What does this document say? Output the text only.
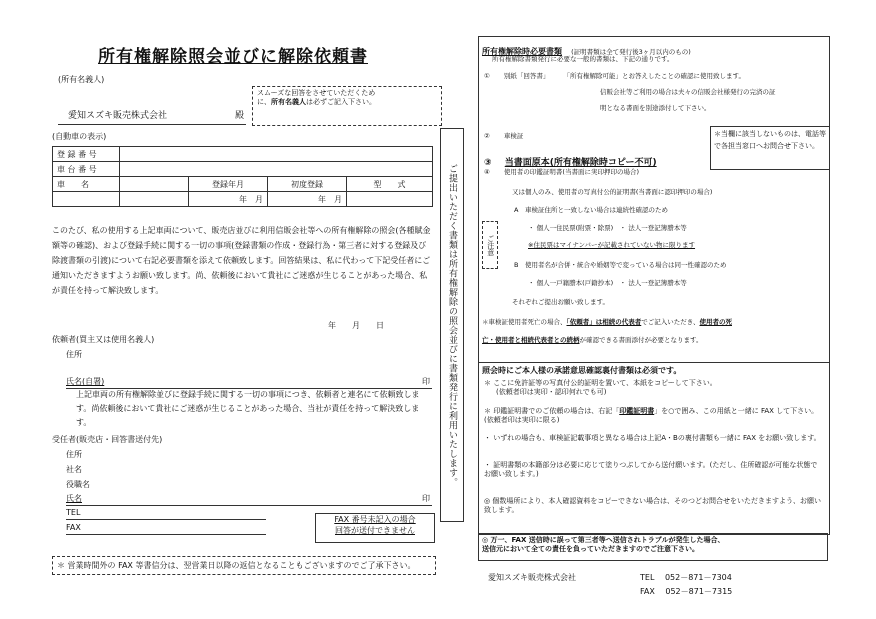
所有権解除照会並びに解除依頼書
(所有名義人)
愛知スズキ販売株式会社	殿
スムーズな回答をさせていただくため
に、所有名義人は必ずご記入下さい。
(自動車の表示)
登 録 番 号				
車 台 番 号				
車　　名		登録年月	初度登録	型　　式
		年　月	年　月	
このたび、私の使用する上記車両について、販売店並びに利用信販会社等への所有権解除の照会(各種賦金額等の確認)、および登録手続に関する一切の事項(登録書類の作成・登録行為・第三者に対する登録及び除渡書類の引渡)について右記必要書類を添えて依頼致します。回答結果は、私に代わって下記受任者にご通知いただきますようお願い致します。尚、依頼後において貴社にご迷惑が生じることがあった場合、私が責任を持って解決致します。
年　　月　　日
依頼者(買主又は使用名義人)
住所
氏名(自署)	印
上記車両の所有権解除並びに登録手続に関する一切の事項につき、依頼者と連名にて依頼致します。尚依頼後において貴社にご迷惑が生じることがあった場合、当社が責任を持って解決致します。
受任者(販売店・回答書送付先)
住所
社名
役職名
氏名	印
TEL
FAX
FAX 番号未記入の場合
回答が送付できません
＊ 営業時間外の FAX 等書信分は、翌営業日以降の返信となることもございますのでご了承下さい。
ご提出いただく書類は所有権解除の照会並びに書類発行に利用いたします。
所有権解除時必要書類 (証明書類は全て発行後3ヶ月以内のもの)
所有権解除書類発行に必要な一般的書類は、下記の通りです。
① 別紙「回答書」 「所有権解除可能」とお答えしたことの確認に使用致します。
信販会社等ご利用の場合は夫々の信販会社様発行の完済の証
明となる書面を別途添付して下さい。
② 車検証	＊当欄に該当しないものは、電話等で各担当窓口へお問合せ下さい。
③ 当書面原本(所有権解除時コピー不可)
④ 使用者の印鑑証明書(当書面に実印押印の場合)
又は個人のみ、使用者の写真付公的証明書(当書面に認印押印の場合)
ご注意
A　車検証住所と一致しない場合は連続性確認のため
・ 個人一住民票(附票・除票)　・ 法人一登記簿謄本等
※住民票はマイナンバーが記載されていない物に限ります
B　使用者名が合併・統合や婚姻等で変っている場合は同一性確認のため
・ 個人一戸籍謄本(戸籍抄本)　・ 法人一登記簿謄本等
それぞれご提出お願い致します。
＊車検証使用者死亡の場合、「依頼者」は相続の代表者でご記入いただき、使用者の死
亡・使用者と相続代表者との続柄が確認できる書面添付が必要となります。
照会時にご本人様の承諾意思確認裏付書類は必須です。
＊ ここに免許証等の写真付公的証明を置いて、本紙をコピーして下さい。
(依頼者印は実印・認印何れでも可)
＊ 印鑑証明書でのご依頼の場合は、右記「印鑑証明書」を○で囲み、この用紙と一緒に FAX して下さい。(依頼者印は実印に限る)
・ いずれの場合も、車検証記載事項と異なる場合は上記A・Bの裏付書類も一緒に FAX をお願い致します。
・ 証明書類の本籍部分は必要に応じて塗りつぶしてから送付願います。(ただし、住所確認が可能な状態でお願い致します。)
◎ 個数場所により、本人確認資料をコピーできない場合は、そのつどお問合せをいただきますよう、お願い致します。
◎ 万一、FAX 送信時に誤って第三者等へ送信されトラブルが発生した場合、
送信元において全ての責任を負っていただきますのでご注意下さい。
愛知スズキ販売株式会社	TEL 052－871－7304
FAX 052－871－7315
